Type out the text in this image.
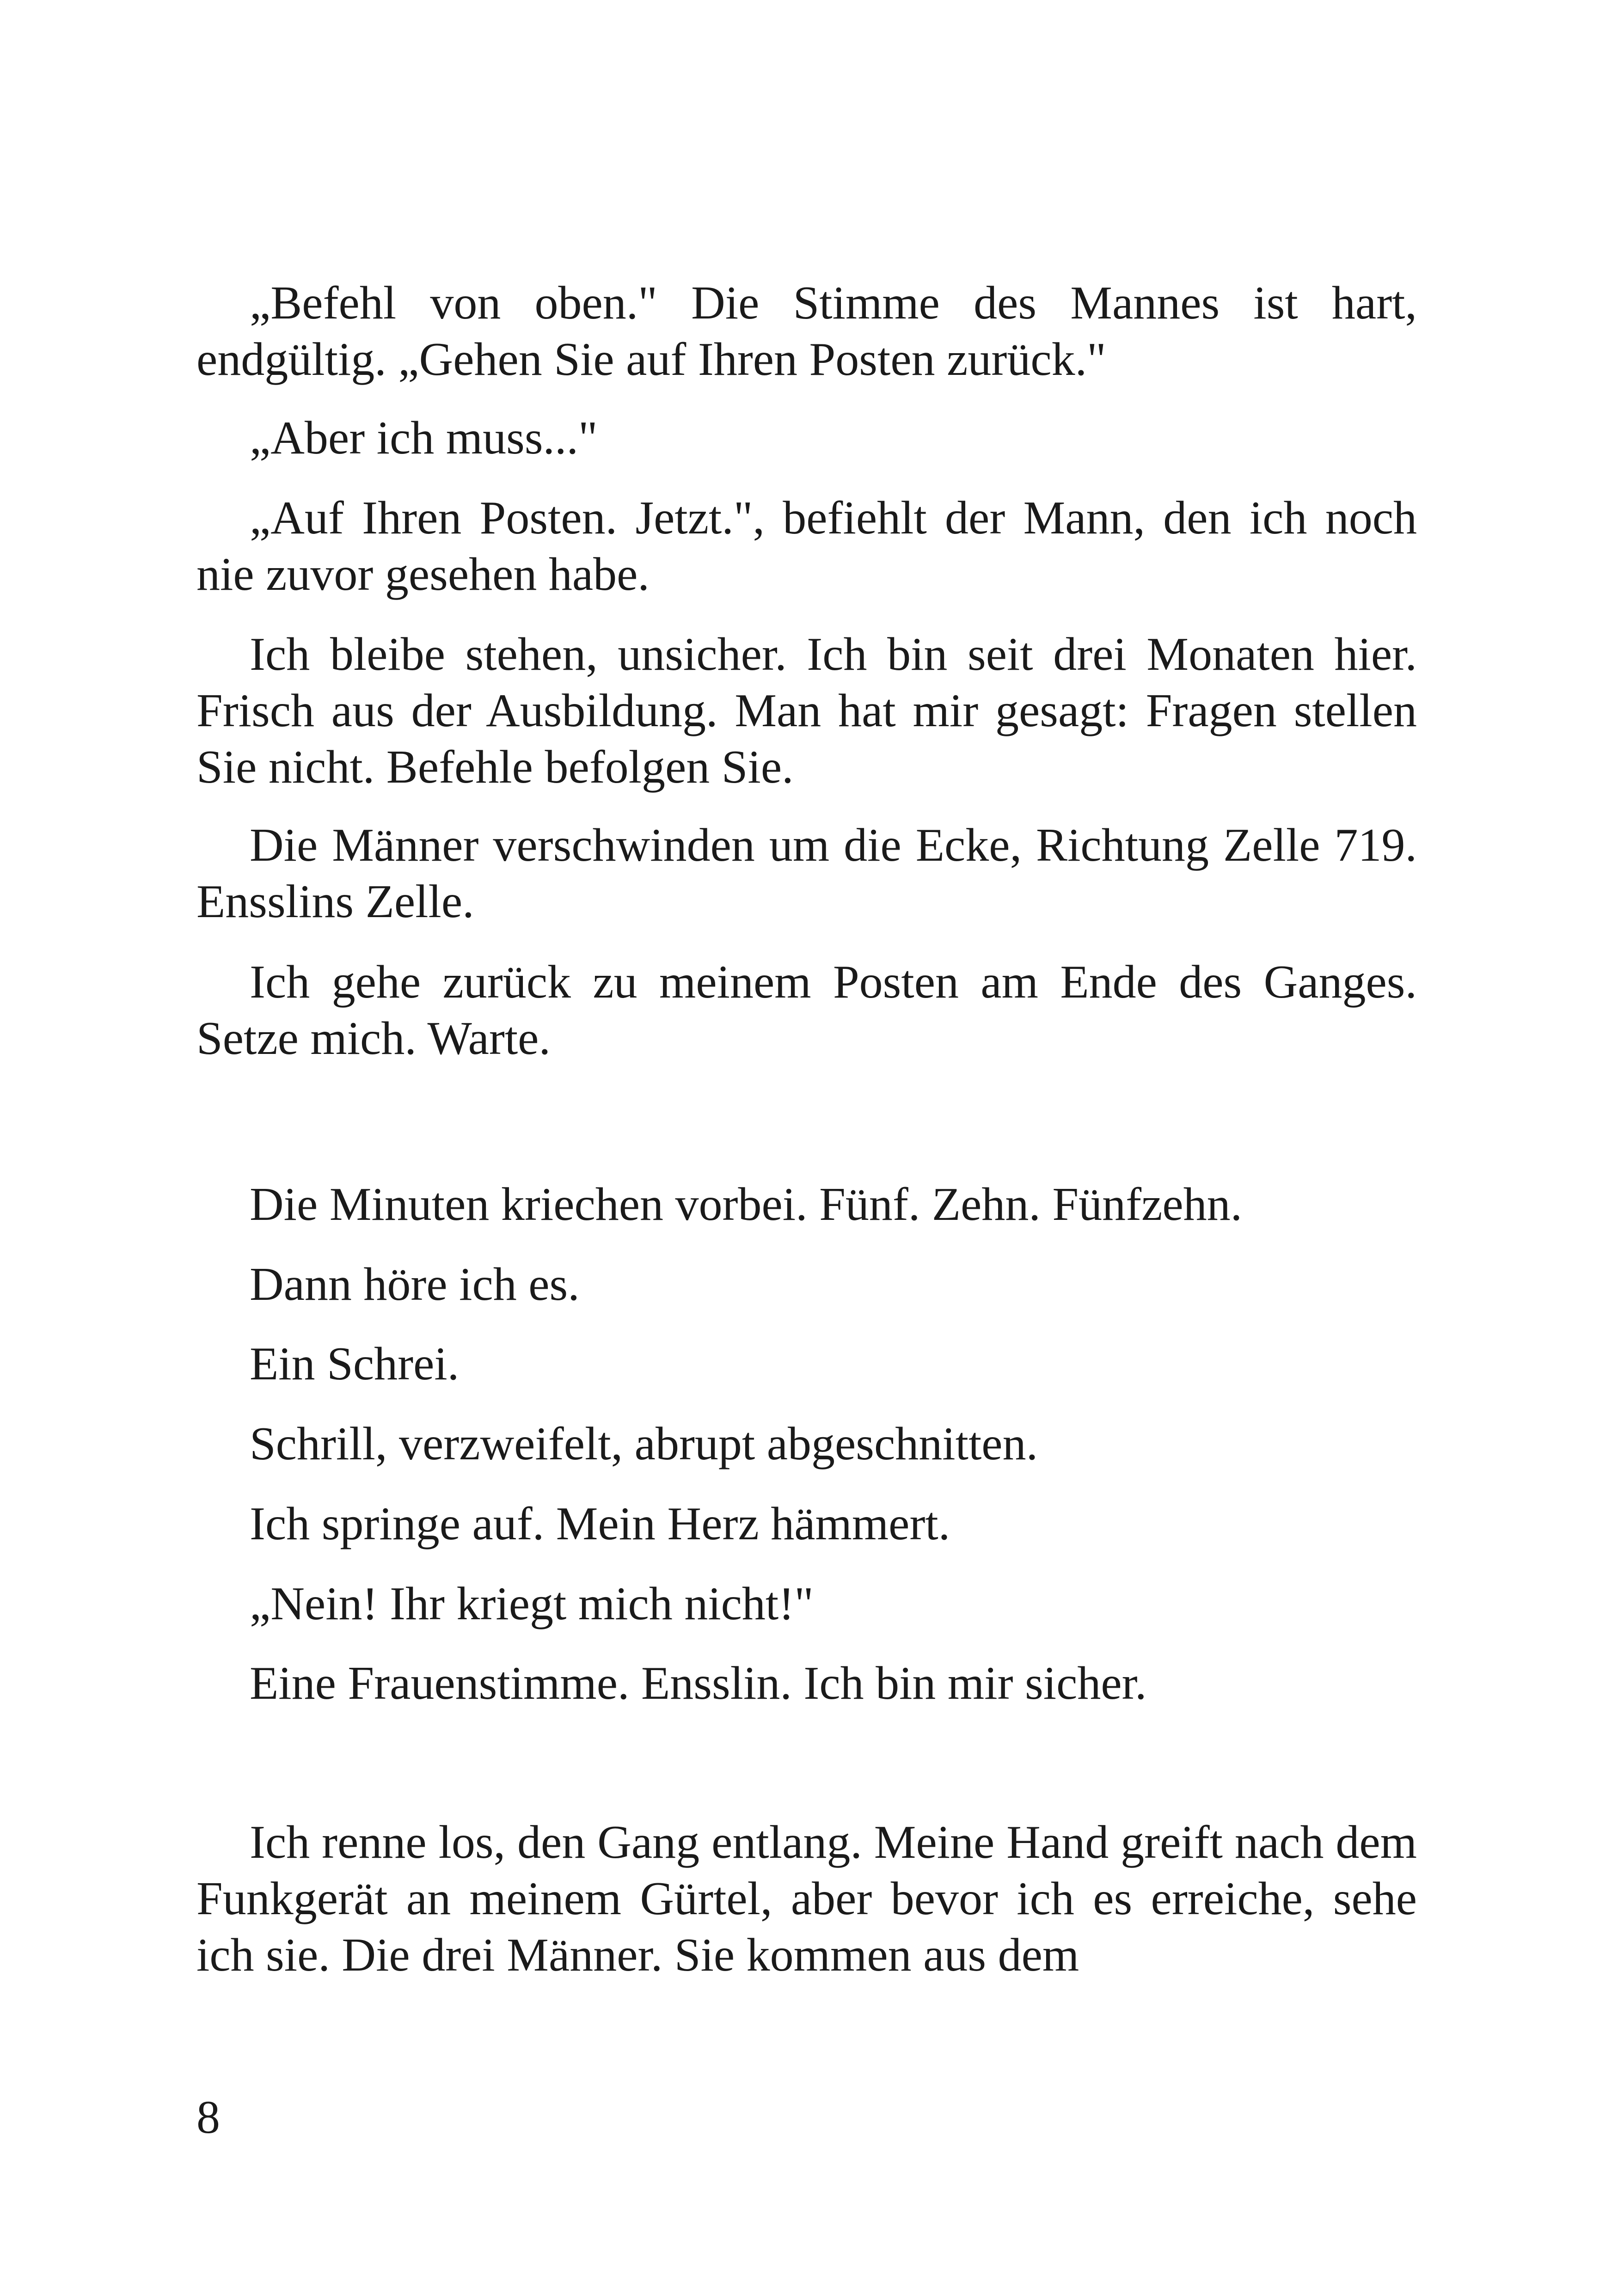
„Befehl von oben." Die Stimme des Mannes ist hart, endgültig. „Gehen Sie auf Ihren Posten zurück."

„Aber ich muss..."

„Auf Ihren Posten. Jetzt.", befiehlt der Mann, den ich noch nie zuvor gesehen habe.

Ich bleibe stehen, unsicher. Ich bin seit drei Monaten hier. Frisch aus der Ausbildung. Man hat mir gesagt: Fragen stellen Sie nicht. Befehle befolgen Sie.

Die Männer verschwinden um die Ecke, Richtung Zelle 719. Ensslins Zelle.

Ich gehe zurück zu meinem Posten am Ende des Ganges. Setze mich. Warte.

Die Minuten kriechen vorbei. Fünf. Zehn. Fünfzehn.

Dann höre ich es.

Ein Schrei.

Schrill, verzweifelt, abrupt abgeschnitten.

Ich springe auf. Mein Herz hämmert.

„Nein! Ihr kriegt mich nicht!"

Eine Frauenstimme. Ensslin. Ich bin mir sicher.

Ich renne los, den Gang entlang. Meine Hand greift nach dem Funkgerät an meinem Gürtel, aber bevor ich es erreiche, sehe ich sie. Die drei Männer. Sie kommen aus dem

8
